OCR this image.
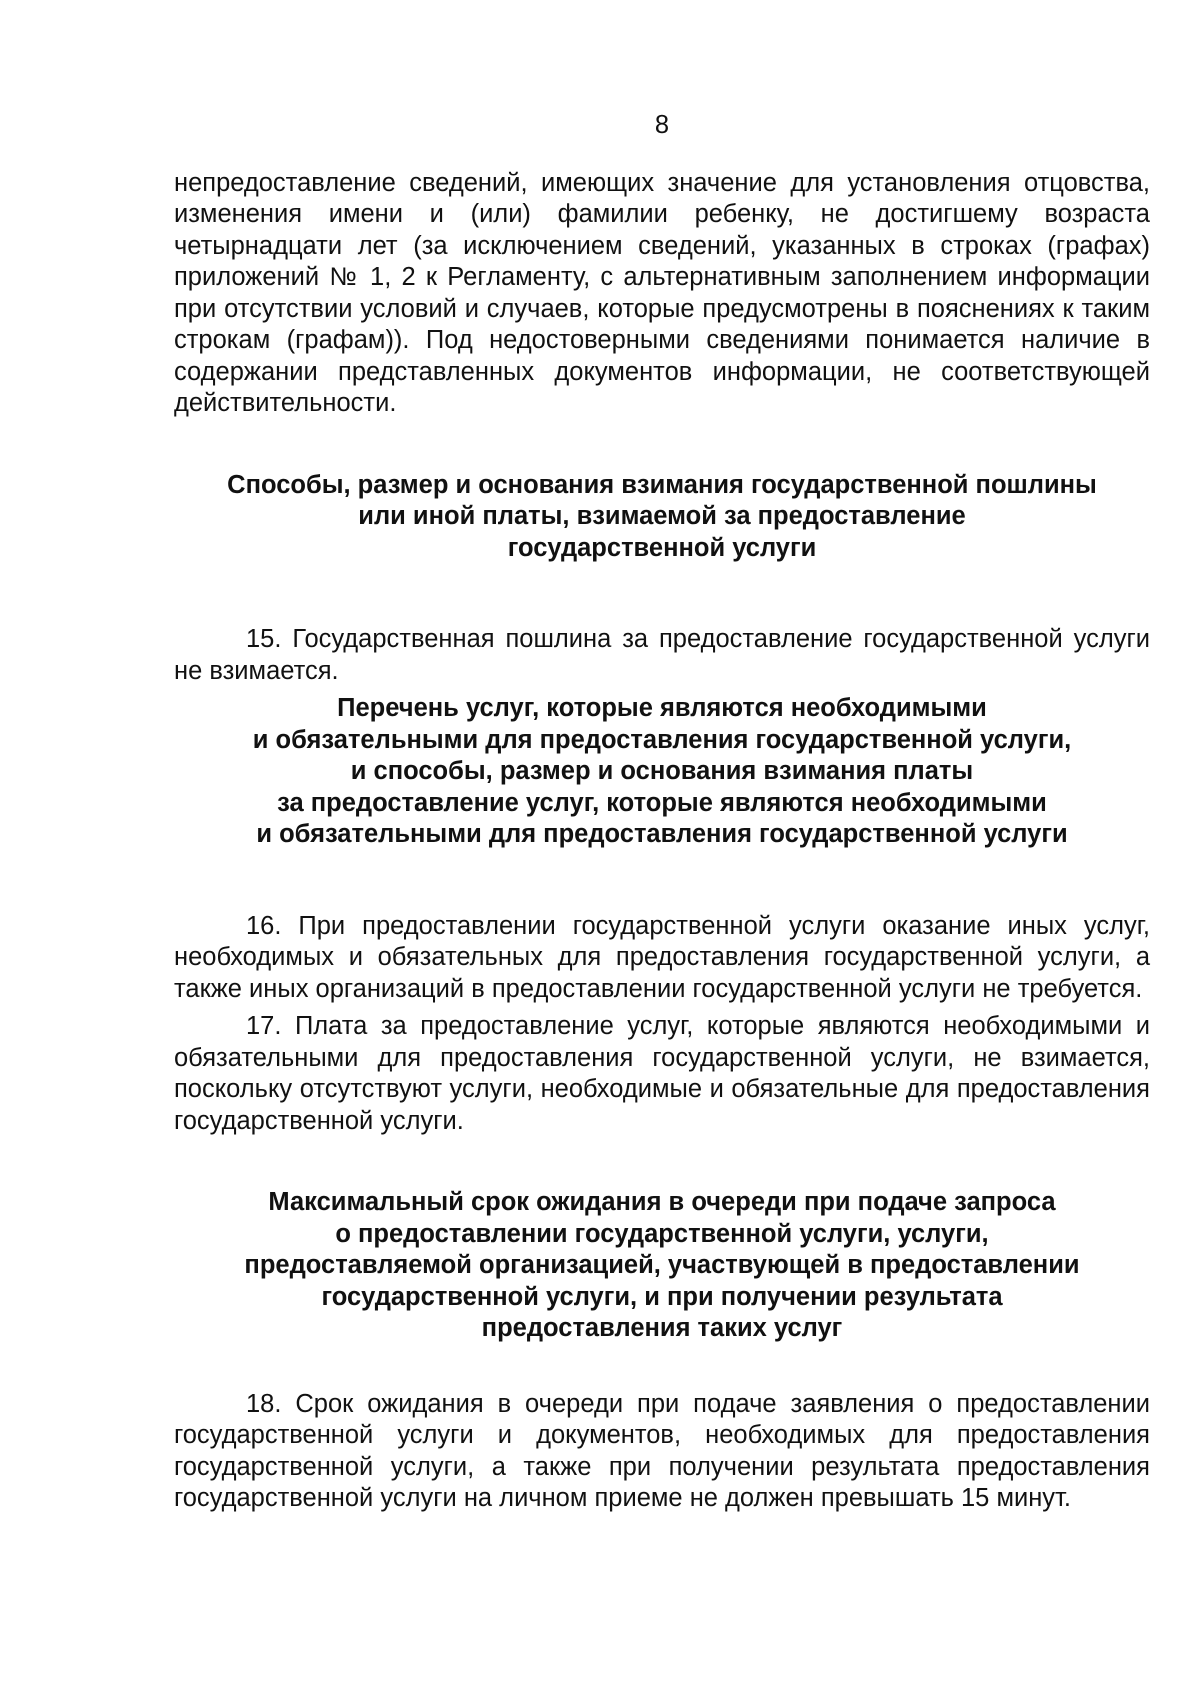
8

непредоставление сведений, имеющих значение для установления отцовства, изменения имени и (или) фамилии ребенку, не достигшему возраста четырнадцати лет (за исключением сведений, указанных в строках (графах) приложений № 1, 2 к Регламенту, с альтернативным заполнением информации при отсутствии условий и случаев, которые предусмотрены в пояснениях к таким строкам (графам)). Под недостоверными сведениями понимается наличие в содержании представленных документов информации, не соответствующей действительности.

Способы, размер и основания взимания государственной пошлины
или иной платы, взимаемой за предоставление
государственной услуги

15. Государственная пошлина за предоставление государственной услуги не взимается.

Перечень услуг, которые являются необходимыми
и обязательными для предоставления государственной услуги,
и способы, размер и основания взимания платы
за предоставление услуг, которые являются необходимыми
и обязательными для предоставления государственной услуги

16. При предоставлении государственной услуги оказание иных услуг, необходимых и обязательных для предоставления государственной услуги, а также иных организаций в предоставлении государственной услуги не требуется.

17. Плата за предоставление услуг, которые являются необходимыми и обязательными для предоставления государственной услуги, не взимается, поскольку отсутствуют услуги, необходимые и обязательные для предоставления государственной услуги.

Максимальный срок ожидания в очереди при подаче запроса
о предоставлении государственной услуги, услуги,
предоставляемой организацией, участвующей в предоставлении
государственной услуги, и при получении результата
предоставления таких услуг

18. Срок ожидания в очереди при подаче заявления о предоставлении государственной услуги и документов, необходимых для предоставления государственной услуги, а также при получении результата предоставления государственной услуги на личном приеме не должен превышать 15 минут.
